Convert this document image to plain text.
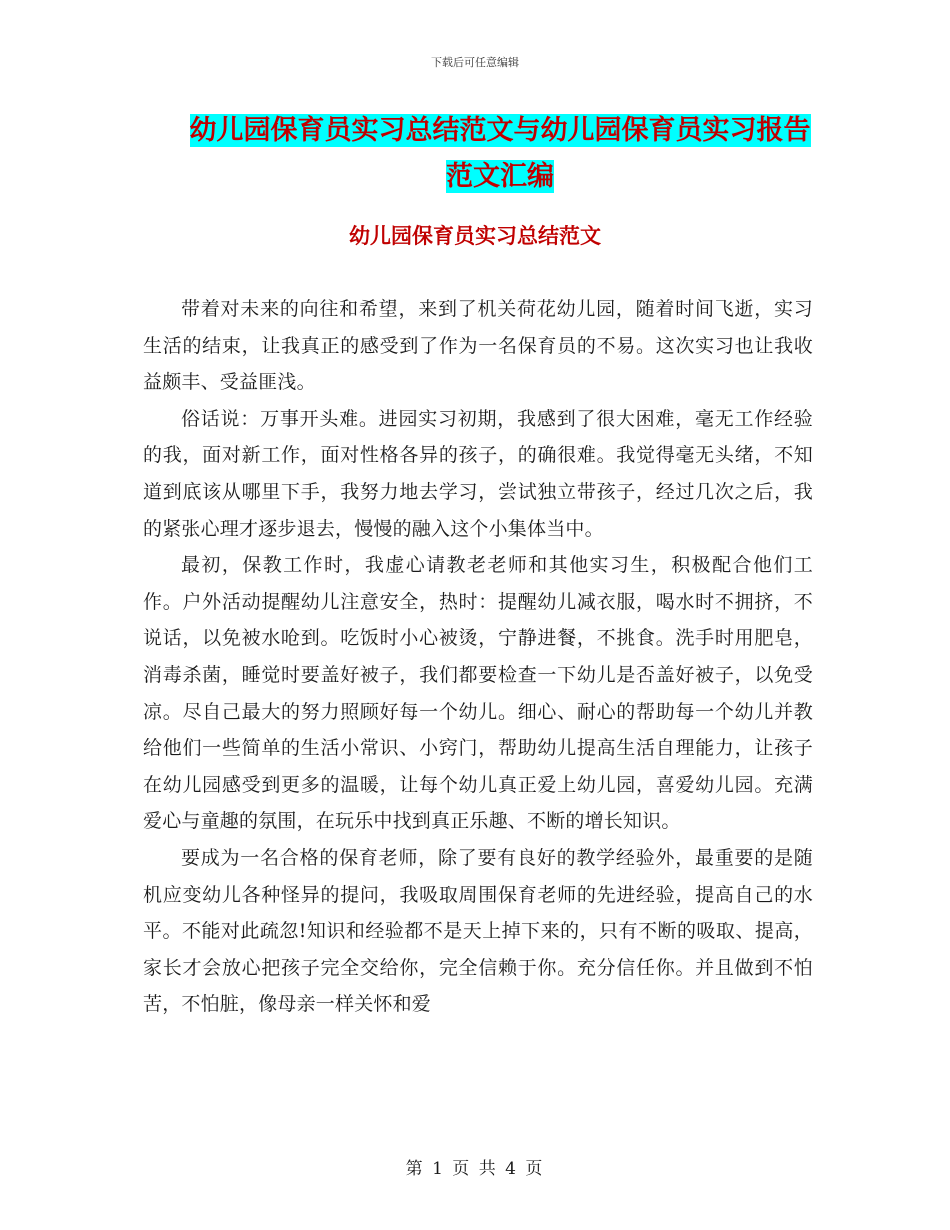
下载后可任意编辑
幼儿园保育员实习总结范文与幼儿园保育员实习报告
范文汇编
幼儿园保育员实习总结范文

带着对未来的向往和希望，来到了机关荷花幼儿园，随着时间飞逝，实习生活的结束，让我真正的感受到了作为一名保育员的不易。这次实习也让我收益颇丰、受益匪浅。

俗话说：万事开头难。进园实习初期，我感到了很大困难，毫无工作经验的我，面对新工作，面对性格各异的孩子，的确很难。我觉得毫无头绪，不知道到底该从哪里下手，我努力地去学习，尝试独立带孩子，经过几次之后，我的紧张心理才逐步退去，慢慢的融入这个小集体当中。

最初，保教工作时，我虚心请教老老师和其他实习生，积极配合他们工作。户外活动提醒幼儿注意安全，热时：提醒幼儿减衣服，喝水时不拥挤，不说话，以免被水呛到。吃饭时小心被烫，宁静进餐，不挑食。洗手时用肥皂，消毒杀菌，睡觉时要盖好被子，我们都要检查一下幼儿是否盖好被子，以免受凉。尽自己最大的努力照顾好每一个幼儿。细心、耐心的帮助每一个幼儿并教给他们一些简单的生活小常识、小窍门，帮助幼儿提高生活自理能力，让孩子在幼儿园感受到更多的温暖，让每个幼儿真正爱上幼儿园，喜爱幼儿园。充满爱心与童趣的氛围，在玩乐中找到真正乐趣、不断的增长知识。

要成为一名合格的保育老师，除了要有良好的教学经验外，最重要的是随机应变幼儿各种怪异的提问，我吸取周围保育老师的先进经验，提高自己的水平。不能对此疏忽!知识和经验都不是天上掉下来的，只有不断的吸取、提高，家长才会放心把孩子完全交给你，完全信赖于你。充分信任你。并且做到不怕苦，不怕脏，像母亲一样关怀和爱

第 1 页 共 4 页
